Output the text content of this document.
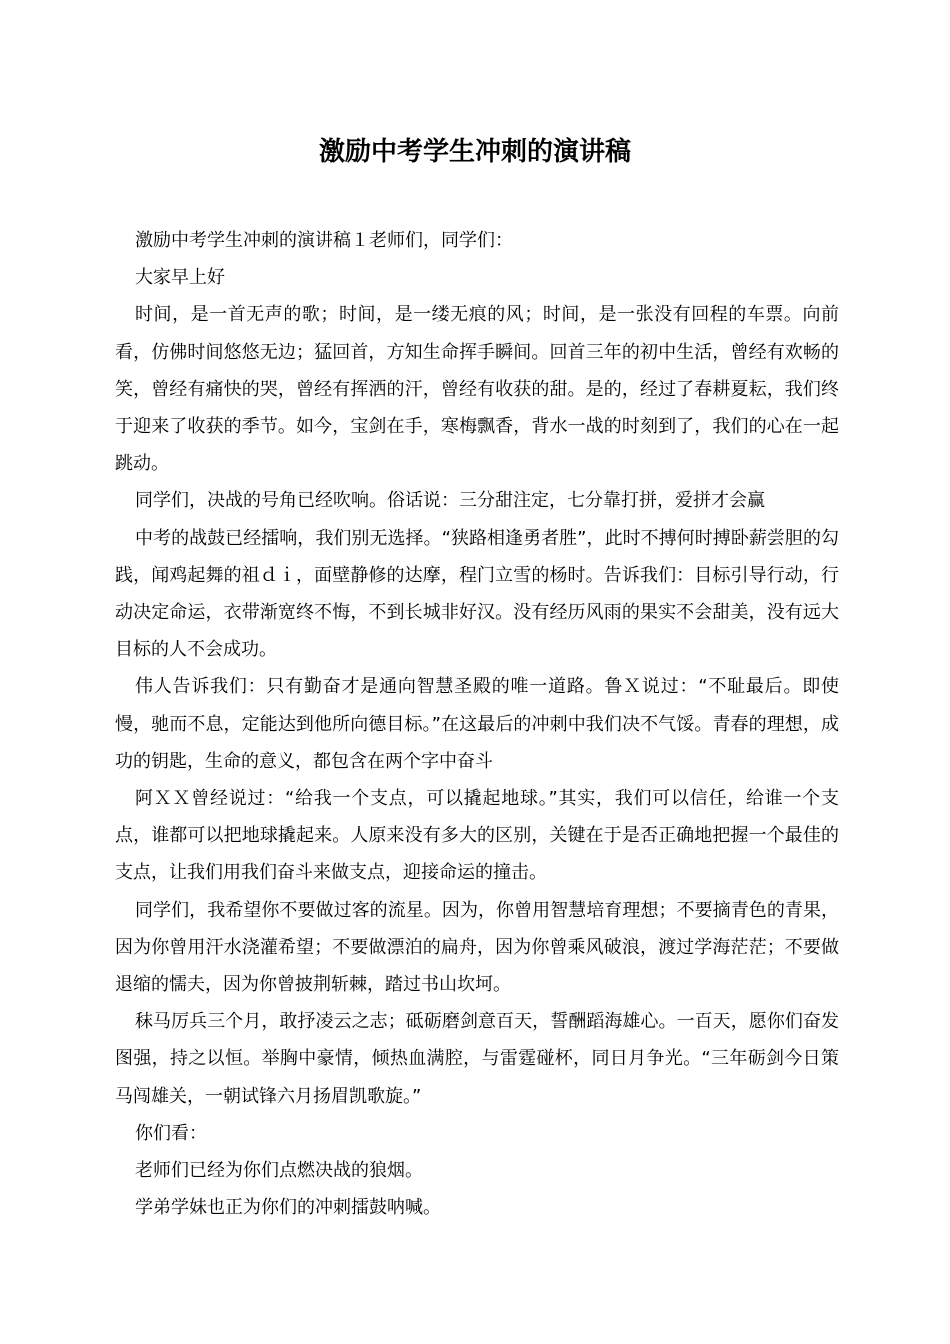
激励中考学生冲刺的演讲稿

激励中考学生冲刺的演讲稿１老师们，同学们：

大家早上好

时间，是一首无声的歌；时间，是一缕无痕的风；时间，是一张没有回程的车票。向前看，仿佛时间悠悠无边；猛回首，方知生命挥手瞬间。回首三年的初中生活，曾经有欢畅的笑，曾经有痛快的哭，曾经有挥洒的汗，曾经有收获的甜。是的，经过了春耕夏耘，我们终于迎来了收获的季节。如今，宝剑在手，寒梅飘香，背水一战的时刻到了，我们的心在一起跳动。

同学们，决战的号角已经吹响。俗话说：三分甜注定，七分靠打拼，爱拼才会赢

中考的战鼓已经擂响，我们别无选择。“狭路相逢勇者胜”，此时不搏何时搏卧薪尝胆的勾践，闻鸡起舞的祖ｄｉ，面壁静修的达摩，程门立雪的杨时。告诉我们：目标引导行动，行动决定命运，衣带渐宽终不悔，不到长城非好汉。没有经历风雨的果实不会甜美，没有远大目标的人不会成功。

伟人告诉我们：只有勤奋才是通向智慧圣殿的唯一道路。鲁Ｘ说过：“不耻最后。即使慢，驰而不息，定能达到他所向德目标。”在这最后的冲刺中我们决不气馁。青春的理想，成功的钥匙，生命的意义，都包含在两个字中奋斗

阿ＸＸ曾经说过：“给我一个支点，可以撬起地球。”其实，我们可以信任，给谁一个支点，谁都可以把地球撬起来。人原来没有多大的区别，关键在于是否正确地把握一个最佳的支点，让我们用我们奋斗来做支点，迎接命运的撞击。

同学们，我希望你不要做过客的流星。因为，你曾用智慧培育理想；不要摘青色的青果，因为你曾用汗水浇灌希望；不要做漂泊的扁舟，因为你曾乘风破浪，渡过学海茫茫；不要做退缩的懦夫，因为你曾披荆斩棘，踏过书山坎坷。

秣马厉兵三个月，敢抒凌云之志；砥砺磨剑意百天，誓酬蹈海雄心。一百天，愿你们奋发图强，持之以恒。举胸中豪情，倾热血满腔，与雷霆碰杯，同日月争光。“三年砺剑今日策马闯雄关，一朝试锋六月扬眉凯歌旋。”

你们看：

老师们已经为你们点燃决战的狼烟。

学弟学妹也正为你们的冲刺擂鼓呐喊。
